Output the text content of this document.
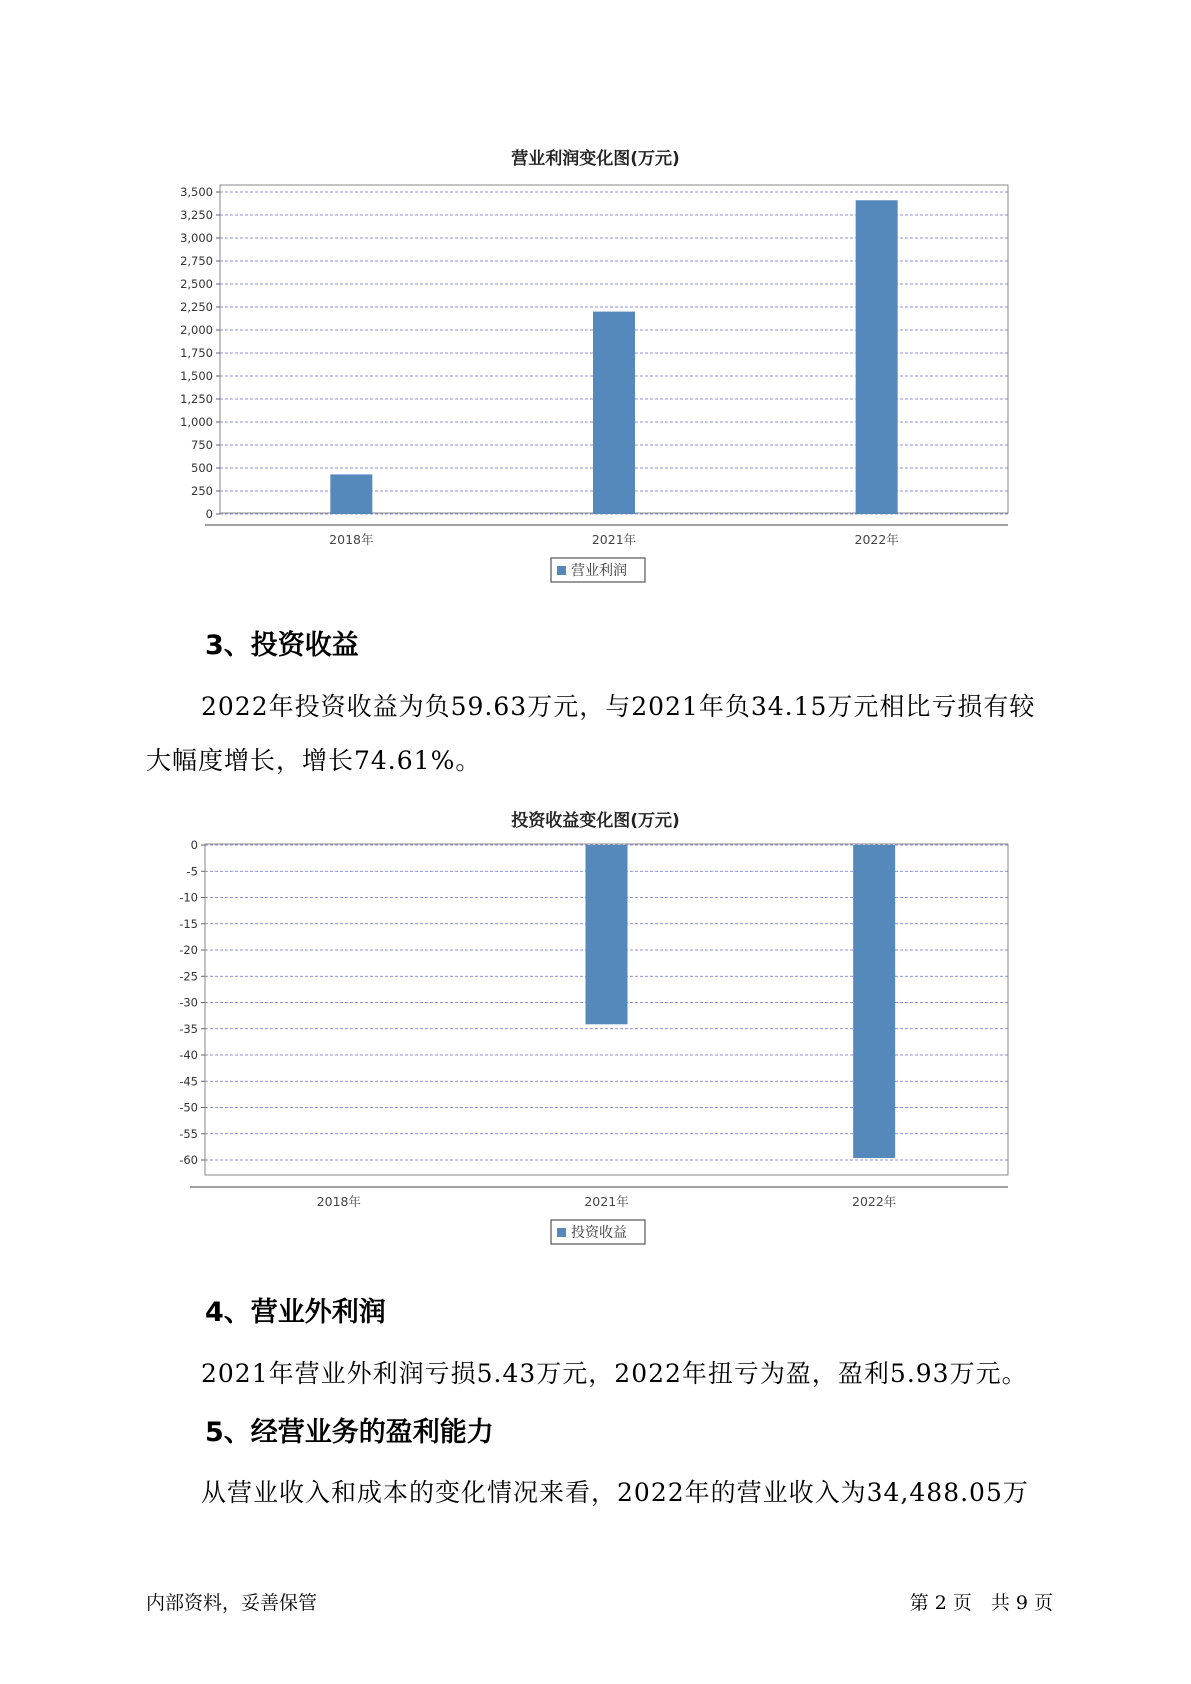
营业利润变化图(万元)
0
250
500
750
1,000
1,250
1,500
1,750
2,000
2,250
2,500
2,750
3,000
3,250
3,500
2018年	2021年	2022年
营业利润
3、投资收益
2022年投资收益为负59.63万元，与2021年负34.15万元相比亏损有较
大幅度增长，增长74.61%。
投资收益变化图(万元)
0
-5
-10
-15
-20
-25
-30
-35
-40
-45
-50
-55
-60
2018年	2021年	2022年
投资收益
4、营业外利润
2021年营业外利润亏损5.43万元，2022年扭亏为盈，盈利5.93万元。
5、经营业务的盈利能力
从营业收入和成本的变化情况来看，2022年的营业收入为34,488.05万
内部资料，妥善保管	第 2 页　共 9 页
